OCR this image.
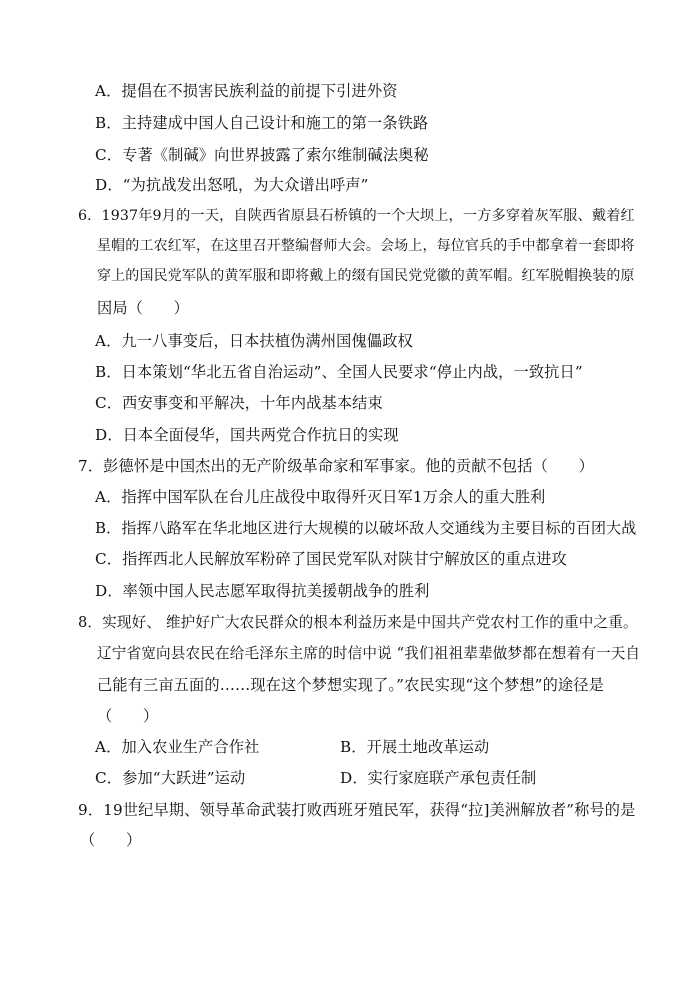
A．提倡在不损害民族利益的前提下引进外资
B．主持建成中国人自己设计和施工的第一条铁路
C．专著《制碱》向世界披露了索尔维制碱法奥秘
D．“为抗战发出怒吼，为大众谱出呼声”
6．1937年9月的一天，自陕西省原县石桥镇的一个大坝上，一方多穿着灰军服、戴着红
星帽的工农红军，在这里召开整编督师大会。会场上，每位官兵的手中都拿着一套即将
穿上的国民党军队的黄军服和即将戴上的缀有国民党党徽的黄军帽。红军脱帽换装的原
因局（　　）
A．九一八事变后，日本扶植伪满州国傀儡政权
B．日本策划“华北五省自治运动”、全国人民要求“停止内战，一致抗日”
C．西安事变和平解决，十年内战基本结束
D．日本全面侵华，国共两党合作抗日的实现
7．彭德怀是中国杰出的无产阶级革命家和军事家。他的贡献不包括（　　）
A．指挥中国军队在台儿庄战役中取得歼灭日军1万余人的重大胜利
B．指挥八路军在华北地区进行大规模的以破坏敌人交通线为主要目标的百团大战
C．指挥西北人民解放军粉碎了国民党军队对陕甘宁解放区的重点进攻
D．率领中国人民志愿军取得抗美援朝战争的胜利
8．实现好、 维护好广大农民群众的根本利益历来是中国共产党农村工作的重中之重。
辽宁省宽向县农民在给毛泽东主席的时信中说 “我们祖祖辈辈做梦都在想着有一天自
己能有三亩五面的……现在这个梦想实现了。”农民实现“这个梦想”的途径是
（　　）
A．加入农业生产合作社	B．开展土地改革运动
C．参加“大跃进”运动	D．实行家庭联产承包责任制
9．19世纪早期、领导革命武装打败西班牙殖民军，获得“拉]美洲解放者”称号的是
（　　）
